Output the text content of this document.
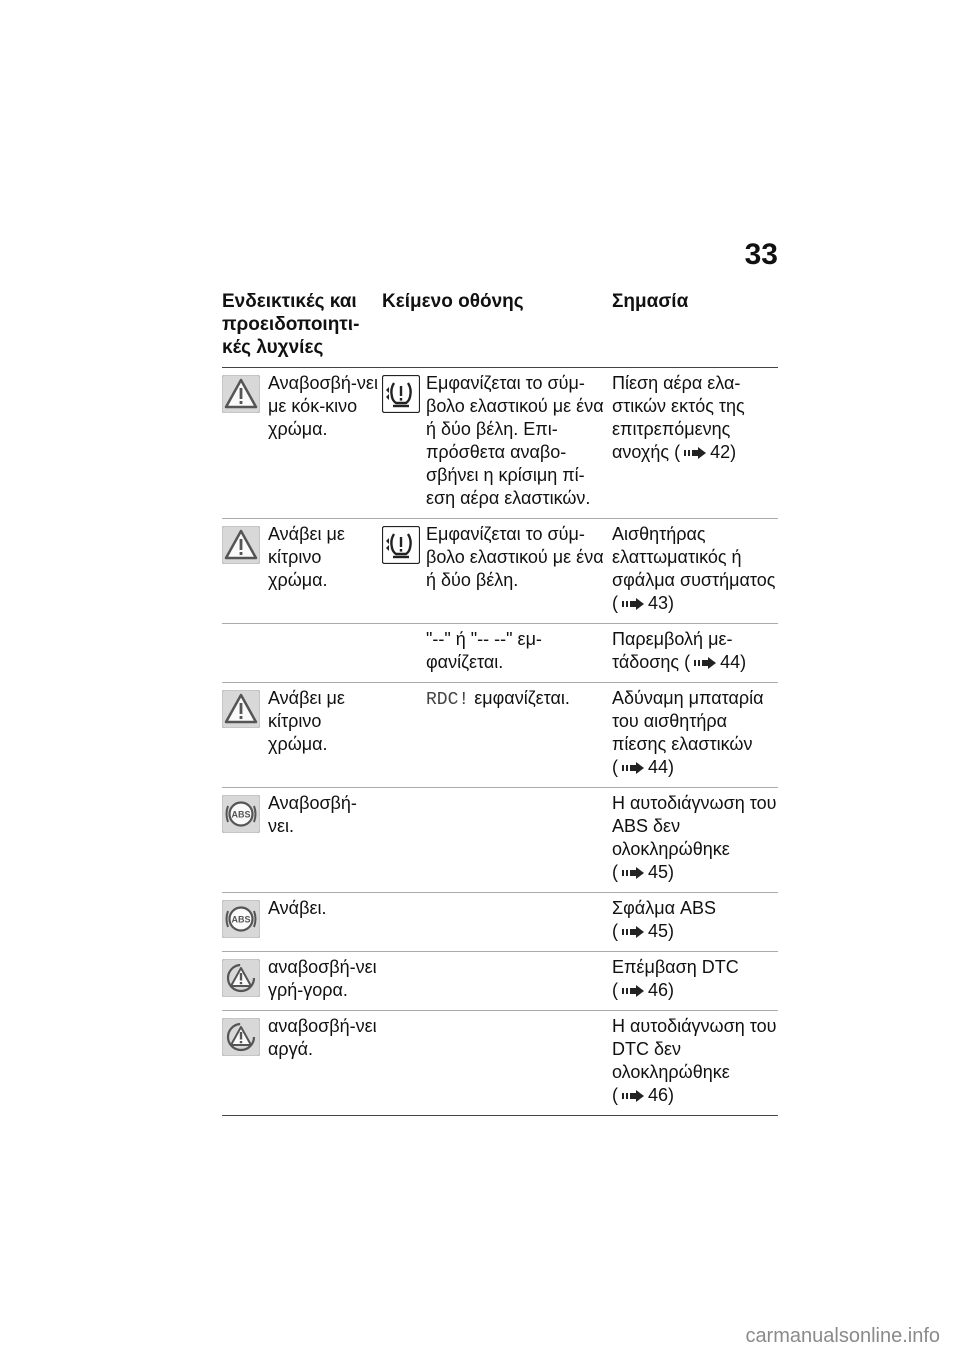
33
Ενδεικτικές και προειδοποιητι-κές λυχνίες
Κείμενο οθόνης	Σημασία
Αναβοσβή-νει με κόκ-κινο χρώμα.
Εμφανίζεται το σύμ-βολο ελαστικού με ένα ή δύο βέλη. Επι-πρόσθετα αναβο-σβήνει η κρίσιμη πί-εση αέρα ελαστικών.
Πίεση αέρα ελα-στικών εκτός της επιτρεπόμενης ανοχής ( 42)
Ανάβει με κίτρινο χρώμα.
Εμφανίζεται το σύμ-βολο ελαστικού με ένα ή δύο βέλη.
Αισθητήρας ελαττωματικός ή σφάλμα συστήματος ( 43)
"--" ή "-- --" εμ-φανίζεται.
Παρεμβολή με-τάδοσης ( 44)
Ανάβει με κίτρινο χρώμα.
RDC! εμφανίζεται. Αδύναμη μπαταρία του αισθητήρα πίεσης ελαστικών ( 44)
ABS
Αναβοσβή-νει.
Η αυτοδιάγνωση του ABS δεν ολοκληρώθηκε ( 45)
ABS
Ανάβει.	Σφάλμα ABS ( 45)
αναβοσβή-νει γρή-γορα.
Επέμβαση DTC ( 46)
αναβοσβή-νει αργά.
Η αυτοδιάγνωση του DTC δεν ολοκληρώθηκε ( 46)
carmanualsonline.info
